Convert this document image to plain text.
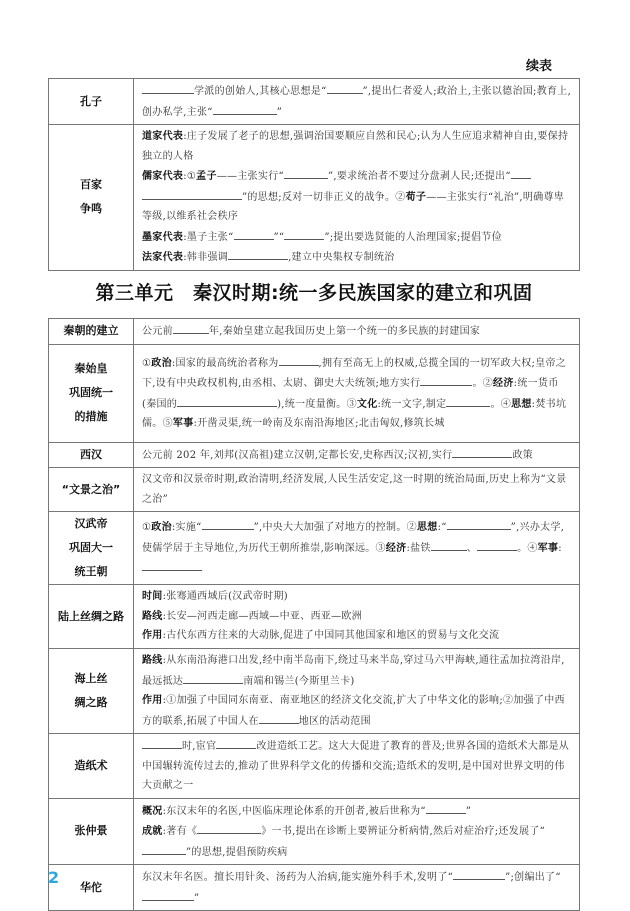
续表
孔子	学派的创始人,其核心思想是“ ”,提出仁者爱人;政治上,主张以德治国;教育上,创办私学,主张“ ”
百家
争鸣	道家代表:庄子发展了老子的思想,强调治国要顺应自然和民心;认为人生应追求精神自由,要保持独立的人格
儒家代表:①孟子——主张实行“ ”,要求统治者不要过分盘剥人民;还提出“
”的思想;反对一切非正义的战争。②荀子——主张实行“礼治”,明确尊卑等级,以维系社会秩序
墨家代表:墨子主张“ ”“ ”;提出要选贤能的人治理国家;提倡节俭
法家代表:韩非强调 ,建立中央集权专制统治
第三单元　秦汉时期:统一多民族国家的建立和巩固
秦朝的建立	公元前 年,秦始皇建立起我国历史上第一个统一的多民族的封建国家
秦始皇
巩固统一
的措施	①政治:国家的最高统治者称为 ,拥有至高无上的权威,总揽全国的一切军政大权;皇帝之下,设有中央政权机构,由丞相、太尉、御史大夫统领;地方实行 。②经济:统一货币(秦国的 ),统一度量衡。③文化:统一文字,制定 。④思想:焚书坑儒。⑤军事:开凿灵渠,统一岭南及东南沿海地区;北击匈奴,修筑长城
西汉	公元前 202 年,刘邦(汉高祖)建立汉朝,定都长安,史称西汉;汉初,实行 政策
“文景之治”	汉文帝和汉景帝时期,政治清明,经济发展,人民生活安定,这一时期的统治局面,历史上称为“文景之治”
汉武帝
巩固大一
统王朝	①政治:实施“ ”,中央大大加强了对地方的控制。②思想:“ ”,兴办太学,使儒学居于主导地位,为历代王朝所推崇,影响深远。③经济:盐铁 、 。④军事:
陆上丝绸之路	时间:张骞通西域后(汉武帝时期)
路线:长安—河西走廊—西域—中亚、西亚—欧洲
作用:古代东西方往来的大动脉,促进了中国同其他国家和地区的贸易与文化交流
海上丝
绸之路	路线:从东南沿海港口出发,经中南半岛南下,绕过马来半岛,穿过马六甲海峡,通往孟加拉湾沿岸,最远抵达 南端和锡兰(今斯里兰卡)
作用:①加强了中国同东南亚、南亚地区的经济文化交流,扩大了中华文化的影响;②加强了中西方的联系,拓展了中国人在 地区的活动范围
造纸术	时,宦官 改进造纸工艺。这大大促进了教育的普及;世界各国的造纸术大都是从中国辗转流传过去的,推动了世界科学文化的传播和交流;造纸术的发明,是中国对世界文明的伟大贡献之一
张仲景	概况:东汉末年的名医,中医临床理论体系的开创者,被后世称为“ ”
成就:著有《 》一书,提出在诊断上要辨证分析病情,然后对症治疗;还发展了“”的思想,提倡预防疾病
华佗	东汉末年名医。擅长用针灸、汤药为人治病,能实施外科手术,发明了“ ”;创编出了“”
2
